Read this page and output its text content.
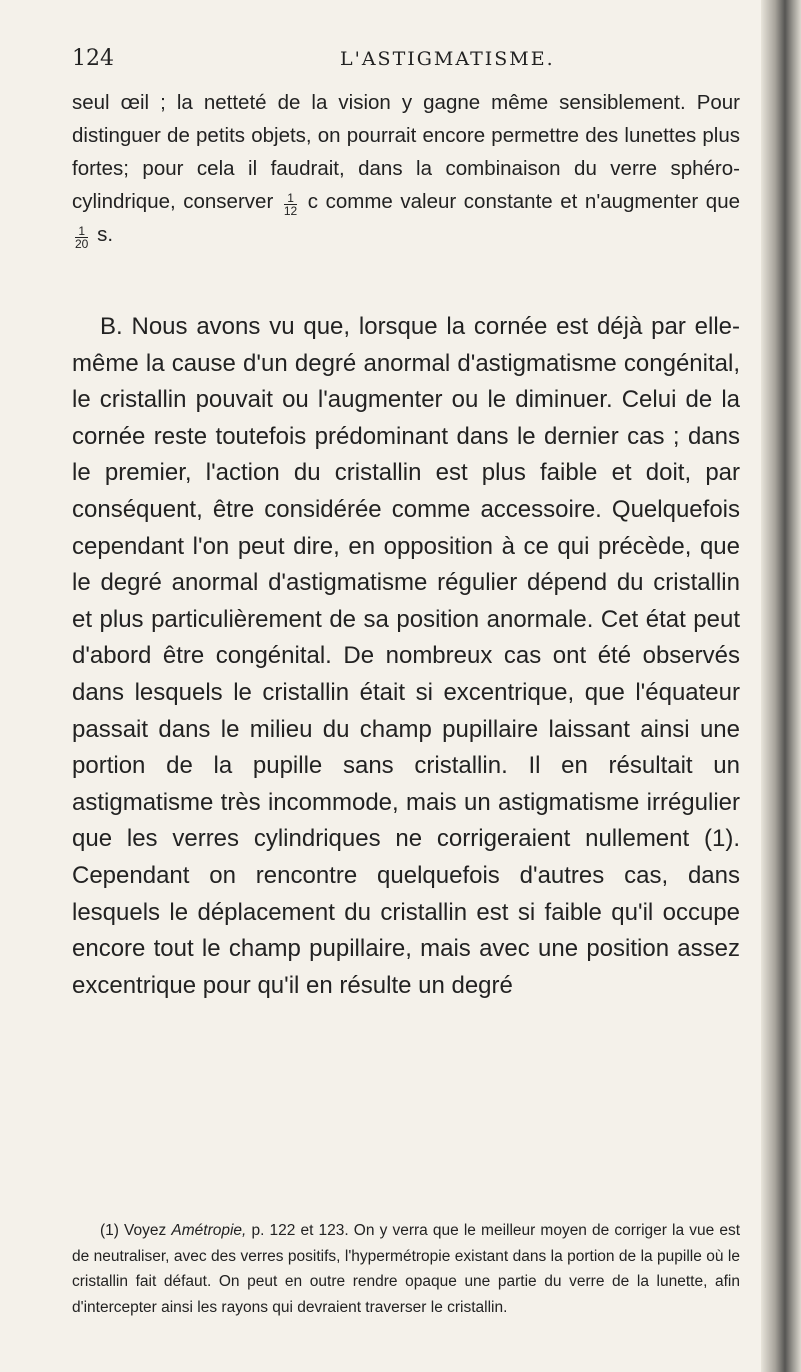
124	L'ASTIGMATISME.
seul œil ; la netteté de la vision y gagne même sensiblement. Pour distinguer de petits objets, on pourrait encore permettre des lunettes plus fortes; pour cela il faudrait, dans la combinaison du verre sphéro-cylindrique, conserver $\frac{1}{12}$ c comme valeur constante et n'augmenter que
$\frac{1}{20} s$.
B. Nous avons vu que, lorsque la cornée est déjà par elle-même la cause d'un degré anormal d'astigmatisme congénital, le cristallin pouvait ou l'augmenter ou le diminuer. Celui de la cornée reste toutefois prédominant dans le dernier cas ; dans le premier, l'action du cristallin est plus faible et doit, par conséquent, être considérée comme accessoire. Quelquefois cependant l'on peut dire, en opposition à ce qui précède, que le degré anormal d'astigmatisme régulier dépend du cristallin et plus particulièrement de sa position anormale. Cet état peut d'abord être congénital. De nombreux cas ont été observés dans lesquels le cristallin était si excentrique, que l'équateur passait dans le milieu du champ pupillaire laissant ainsi une portion de la pupille sans cristallin. Il en résultait un astigmatisme très incommode, mais un astigmatisme irrégulier que les verres cylindriques ne corrigeraient nullement (1). Cependant on rencontre quelquefois d'autres cas, dans lesquels le déplacement du cristallin est si faible qu'il occupe encore tout le champ pupillaire, mais avec une position assez excentrique pour qu'il en résulte un degré
(1) Voyez Amétropie, p. 122 et 123. On y verra que le meilleur moyen de corriger la vue est de neutraliser, avec des verres positifs, l'hypermétropie existant dans la portion de la pupille où le cristallin fait défaut. On peut en outre rendre opaque une partie du verre de la lunette, afin d'intercepter ainsi les rayons qui devraient traverser le cristallin.
